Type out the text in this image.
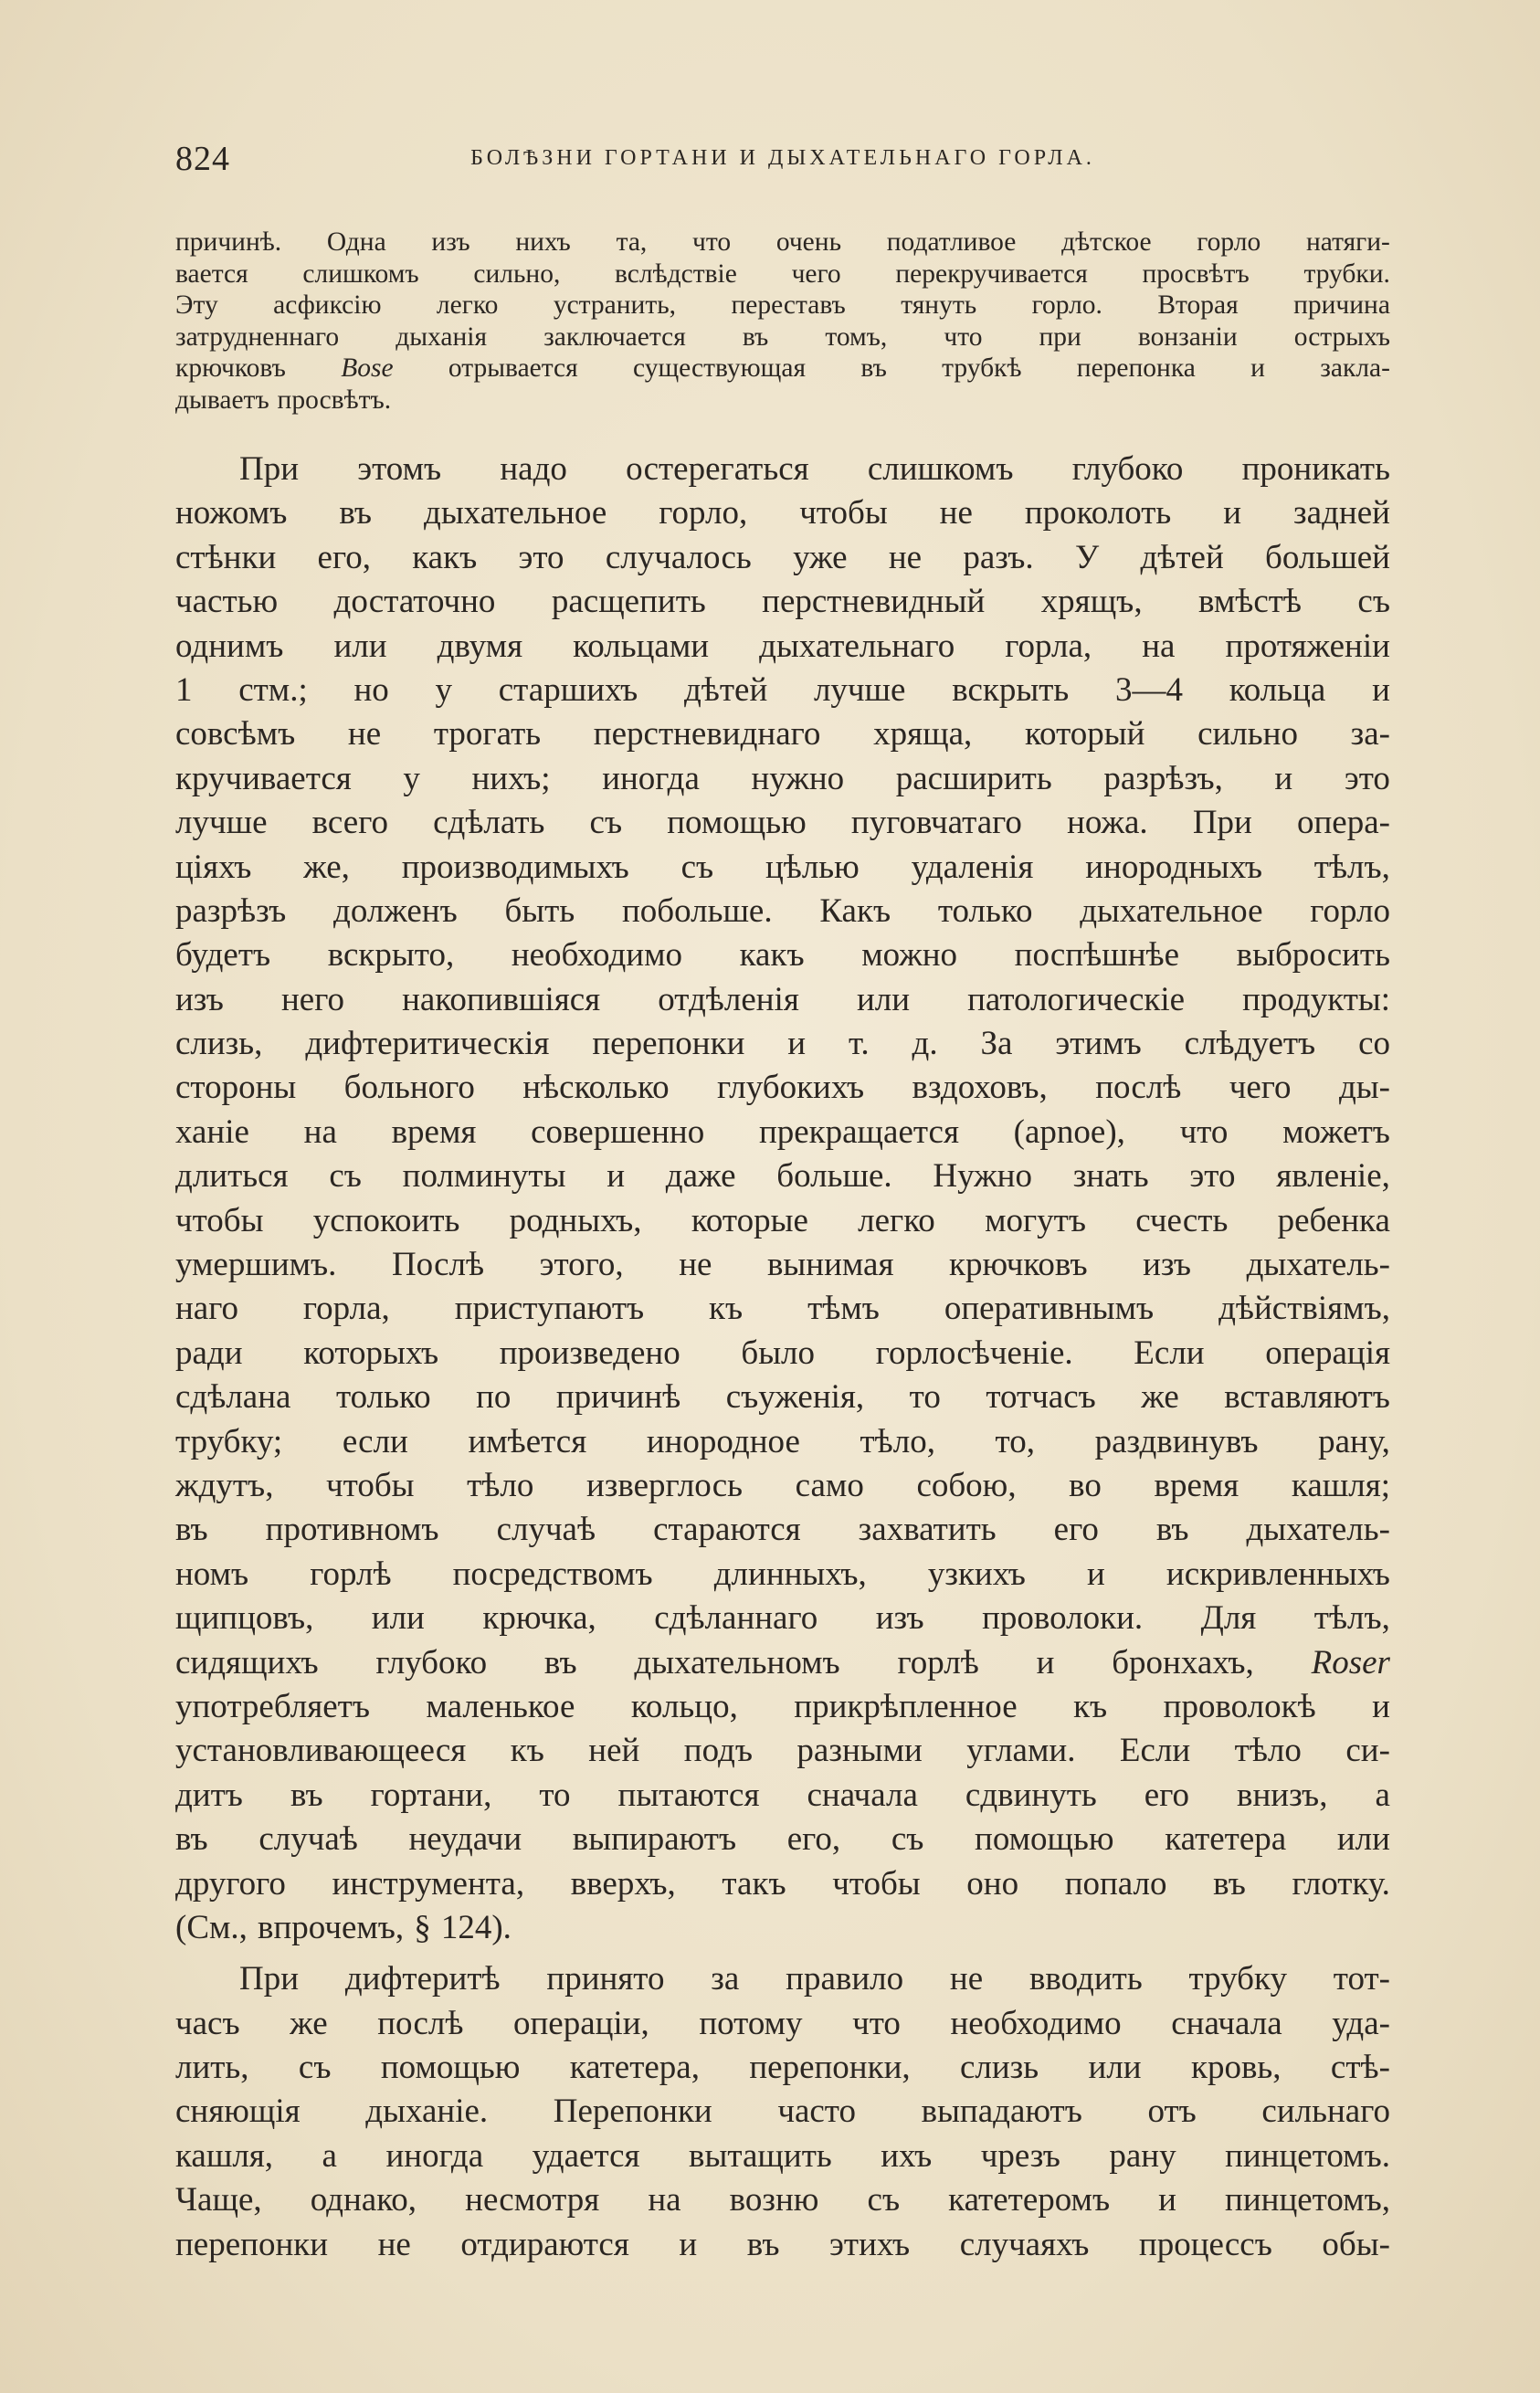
824	БОЛѢЗНИ ГОРТАНИ И ДЫХАТЕЛЬНАГО ГОРЛА.
причинѣ. Одна изъ нихъ та, что очень податливое дѣтское горло натяги-
вается слишкомъ сильно, вслѣдствіе чего перекручивается просвѣтъ трубки.
Эту асфиксію легко устранить, переставъ тянуть горло. Вторая причина
затрудненнаго дыханія заключается въ томъ, что при вонзаніи острыхъ
крючковъ Bose отрывается существующая въ трубкѣ перепонка и закла-
дываетъ просвѣтъ.
При этомъ надо остерегаться слишкомъ глубоко проникать
ножомъ въ дыхательное горло, чтобы не проколоть и задней
стѣнки его, какъ это случалось уже не разъ. У дѣтей большей
частью достаточно расщепить перстневидный хрящъ, вмѣстѣ съ
однимъ или двумя кольцами дыхательнаго горла, на протяженіи
1 стм.; но у старшихъ дѣтей лучше вскрыть 3—4 кольца и
совсѣмъ не трогать перстневиднаго хряща, который сильно за-
кручивается у нихъ; иногда нужно расширить разрѣзъ, и это
лучше всего сдѣлать съ помощью пуговчатаго ножа. При опера-
ціяхъ же, производимыхъ съ цѣлью удаленія инородныхъ тѣлъ,
разрѣзъ долженъ быть побольше. Какъ только дыхательное горло
будетъ вскрыто, необходимо какъ можно поспѣшнѣе выбросить
изъ него накопившіяся отдѣленія или патологическіе продукты:
слизь, дифтеритическія перепонки и т. д. За этимъ слѣдуетъ со
стороны больного нѣсколько глубокихъ вздоховъ, послѣ чего ды-
ханіе на время совершенно прекращается (apnoe), что можетъ
длиться съ полминуты и даже больше. Нужно знать это явленіе,
чтобы успокоить родныхъ, которые легко могутъ счесть ребенка
умершимъ. Послѣ этого, не вынимая крючковъ изъ дыхатель-
наго горла, приступаютъ къ тѣмъ оперативнымъ дѣйствіямъ,
ради которыхъ произведено было горлосѣченіе. Если операція
сдѣлана только по причинѣ съуженія, то тотчасъ же вставляютъ
трубку; если имѣется инородное тѣло, то, раздвинувъ рану,
ждутъ, чтобы тѣло изверглось само собою, во время кашля;
въ противномъ случаѣ стараются захватить его въ дыхатель-
номъ горлѣ посредствомъ длинныхъ, узкихъ и искривленныхъ
щипцовъ, или крючка, сдѣланнаго изъ проволоки. Для тѣлъ,
сидящихъ глубоко въ дыхательномъ горлѣ и бронхахъ, Roser
употребляетъ маленькое кольцо, прикрѣпленное къ проволокѣ и
установливающееся къ ней подъ разными углами. Если тѣло си-
дитъ въ гортани, то пытаются сначала сдвинуть его внизъ, а
въ случаѣ неудачи выпираютъ его, съ помощью катетера или
другого инструмента, вверхъ, такъ чтобы оно попало въ глотку.
(См., впрочемъ, § 124).
При дифтеритѣ принято за правило не вводить трубку тот-
часъ же послѣ операціи, потому что необходимо сначала уда-
лить, съ помощью катетера, перепонки, слизь или кровь, стѣ-
сняющія дыханіе. Перепонки часто выпадаютъ отъ сильнаго
кашля, а иногда удается вытащить ихъ чрезъ рану пинцетомъ.
Чаще, однако, несмотря на возню съ катетеромъ и пинцетомъ,
перепонки не отдираются и въ этихъ случаяхъ процессъ обы-
